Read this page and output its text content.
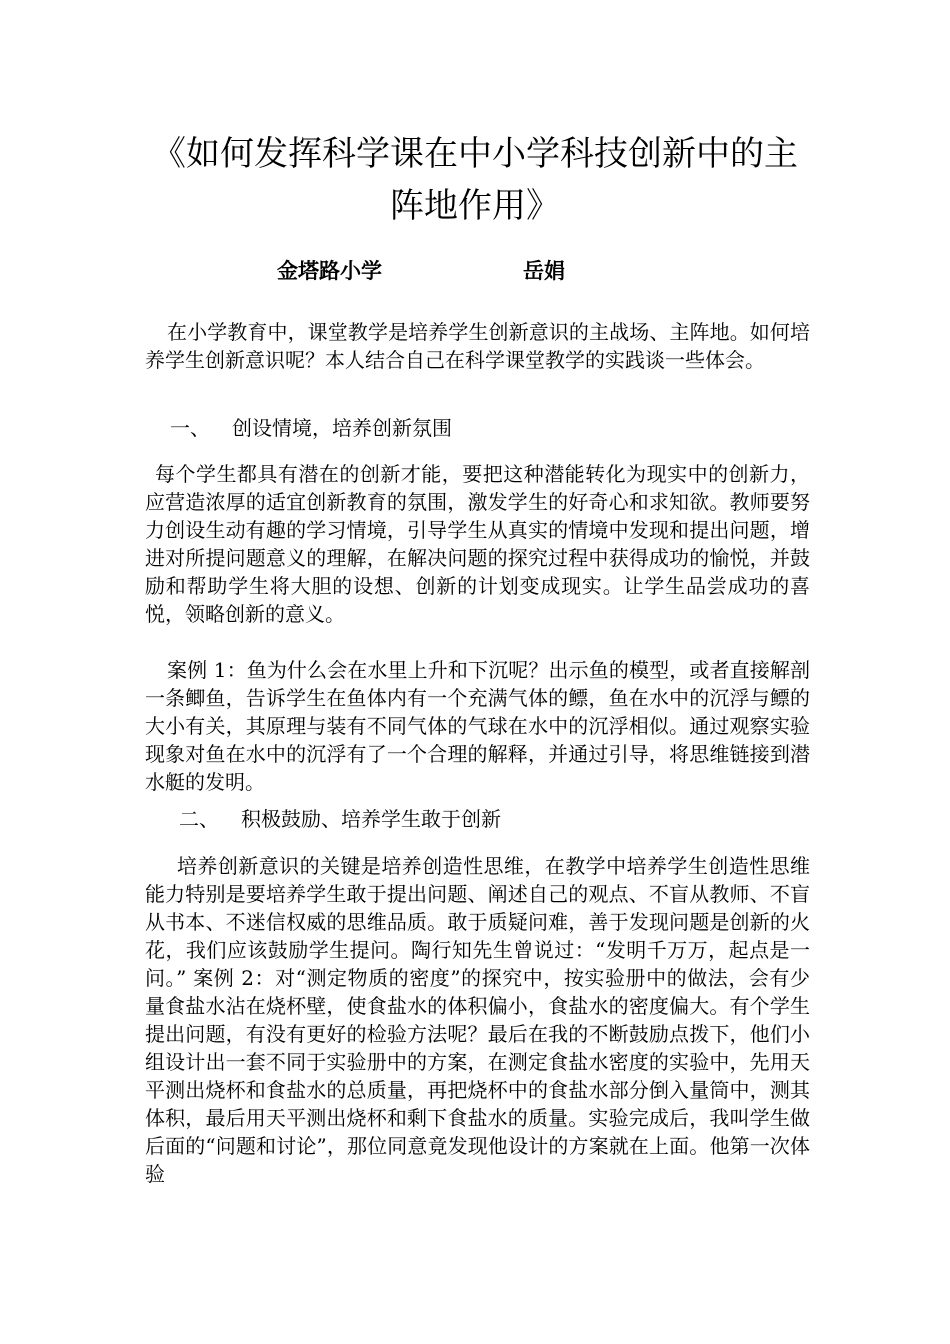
《如何发挥科学课在中小学科技创新中的主阵地作用》
金塔路小学	岳娟

在小学教育中，课堂教学是培养学生创新意识的主战场、主阵地。如何培养学生创新意识呢？本人结合自己在科学课堂教学的实践谈一些体会。

一、 创设情境，培养创新氛围

每个学生都具有潜在的创新才能，要把这种潜能转化为现实中的创新力，应营造浓厚的适宜创新教育的氛围，激发学生的好奇心和求知欲。教师要努力创设生动有趣的学习情境，引导学生从真实的情境中发现和提出问题，增进对所提问题意义的理解，在解决问题的探究过程中获得成功的愉悦，并鼓励和帮助学生将大胆的设想、创新的计划变成现实。让学生品尝成功的喜悦，领略创新的意义。

案例 1：鱼为什么会在水里上升和下沉呢？出示鱼的模型，或者直接解剖一条鲫鱼，告诉学生在鱼体内有一个充满气体的鳔，鱼在水中的沉浮与鳔的大小有关，其原理与装有不同气体的气球在水中的沉浮相似。通过观察实验现象对鱼在水中的沉浮有了一个合理的解释，并通过引导，将思维链接到潜水艇的发明。

二、 积极鼓励、培养学生敢于创新

培养创新意识的关键是培养创造性思维，在教学中培养学生创造性思维能力特别是要培养学生敢于提出问题、阐述自己的观点、不盲从教师、不盲从书本、不迷信权威的思维品质。敢于质疑问难，善于发现问题是创新的火花，我们应该鼓励学生提问。陶行知先生曾说过：“发明千万万，起点是一问。” 案例 2：对“测定物质的密度”的探究中，按实验册中的做法，会有少量食盐水沾在烧杯壁，使食盐水的体积偏小，食盐水的密度偏大。有个学生提出问题，有没有更好的检验方法呢？最后在我的不断鼓励点拨下，他们小组设计出一套不同于实验册中的方案，在测定食盐水密度的实验中，先用天平测出烧杯和食盐水的总质量，再把烧杯中的食盐水部分倒入量筒中，测其体积，最后用天平测出烧杯和剩下食盐水的质量。实验完成后，我叫学生做后面的“问题和讨论”，那位同意竟发现他设计的方案就在上面。他第一次体验
